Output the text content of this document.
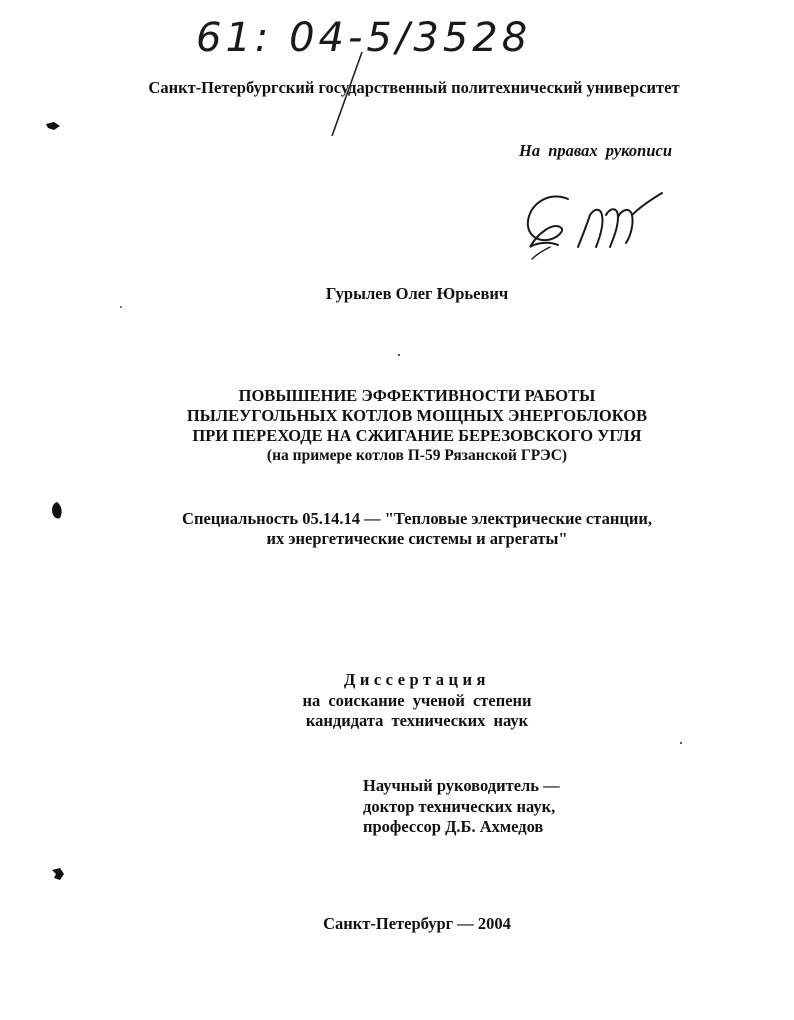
61: 04-5/3528
Санкт-Петербургский государственный политехнический университет
На правах рукописи
Гурылев Олег Юрьевич
ПОВЫШЕНИЕ ЭФФЕКТИВНОСТИ РАБОТЫ
ПЫЛЕУГОЛЬНЫХ КОТЛОВ МОЩНЫХ ЭНЕРГОБЛОКОВ
ПРИ ПЕРЕХОДЕ НА СЖИГАНИЕ БЕРЕЗОВСКОГО УГЛЯ
(на примере котлов П-59 Рязанской ГРЭС)
Специальность 05.14.14 — "Тепловые электрические станции,
их энергетические системы и агрегаты"
Диссертация
на соискание ученой степени
кандидата технических наук
Научный руководитель —
доктор технических наук,
профессор Д.Б. Ахмедов
Санкт-Петербург — 2004
